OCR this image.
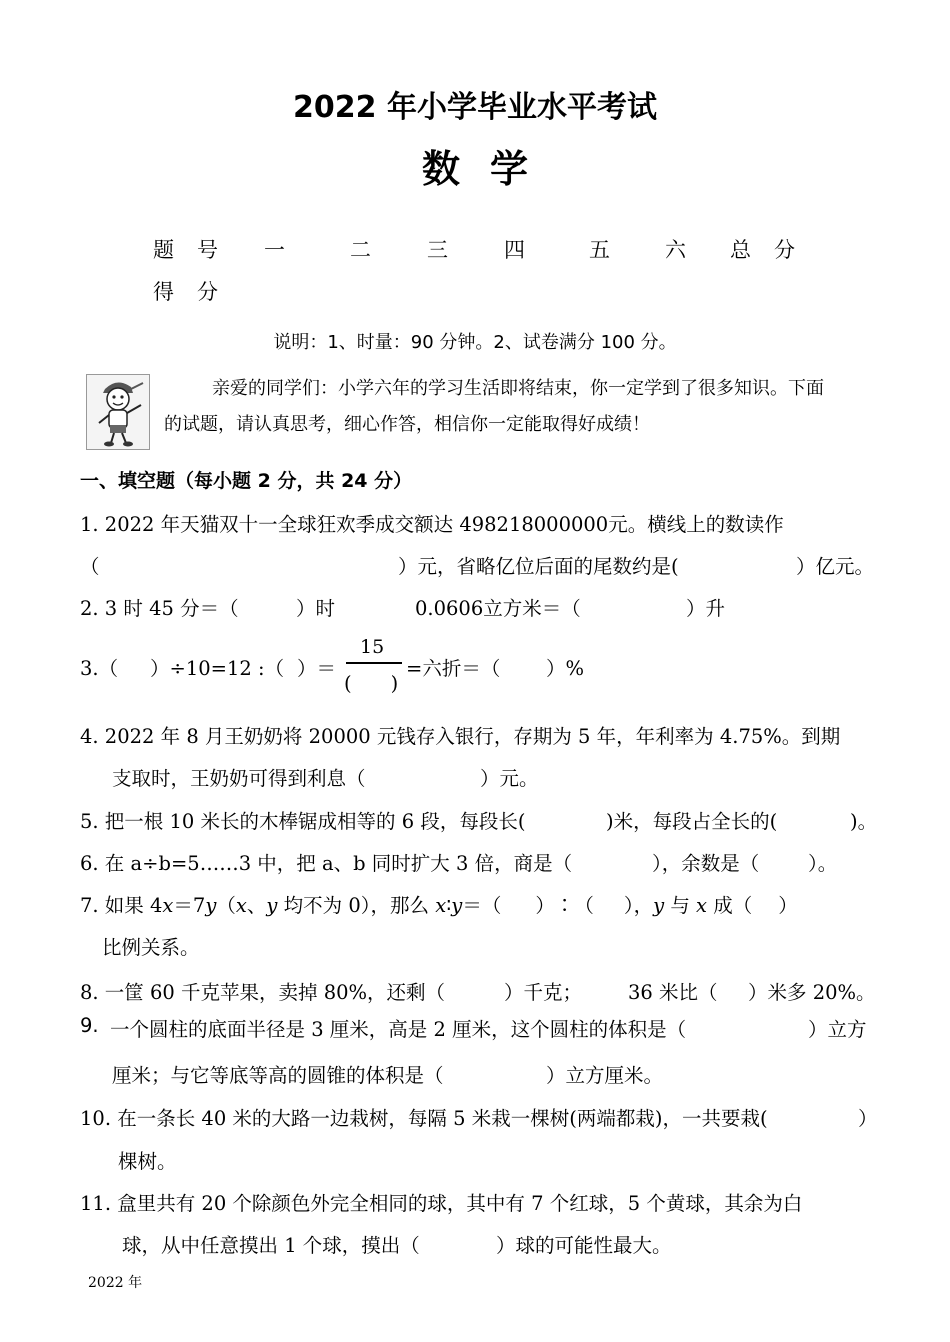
2022 年小学毕业水平考试
数学
题 号 一	二	三	四	五	六 总 分
得 分
说明：1、时量：90 分钟。2、试卷满分 100 分。
亲爱的同学们：小学六年的学习生活即将结束，你一定学到了很多知识。下面
的试题，请认真思考，细心作答，相信你一定能取得好成绩！
一、填空题（每小题 2 分，共 24 分）
1. 2022 年天猫双十一全球狂欢季成交额达 498218000000元。横线上的数读作
（	）元，省略亿位后面的尾数约是(	）亿元。
2. 3 时 45 分＝（	）时	0.0606立方米＝（	）升
3.（ ）÷10=12 :（ ）＝
15
(　　)
=六折＝（ ）%
4. 2022 年 8 月王奶奶将 20000 元钱存入银行，存期为 5 年，年利率为 4.75%。到期
支取时，王奶奶可得到利息（	）元。
5. 把一根 10 米长的木棒锯成相等的 6 段，每段长(	)米，每段占全长的(	)。
6. 在 a÷b=5……3 中，把 a、b 同时扩大 3 倍，商是（	），余数是（ ）。
7. 如果 4x＝7y（x、y 均不为 0），那么 x∶y＝（ ）∶（ ），y 与 x 成（ ）
比例关系。
8. 一筐 60 千克苹果，卖掉 80%，还剩（	）千克； 36 米比（ ）米多 20%。
9. 一个圆柱的底面半径是 3 厘米，高是 2 厘米，这个圆柱的体积是（	）立方
厘米；与它等底等高的圆锥的体积是（	）立方厘米。
10. 在一条长 40 米的大路一边栽树，每隔 5 米栽一棵树(两端都栽)，一共要栽(	）
棵树。
11. 盒里共有 20 个除颜色外完全相同的球，其中有 7 个红球，5 个黄球，其余为白
球，从中任意摸出 1 个球，摸出（	）球的可能性最大。
2022 年
